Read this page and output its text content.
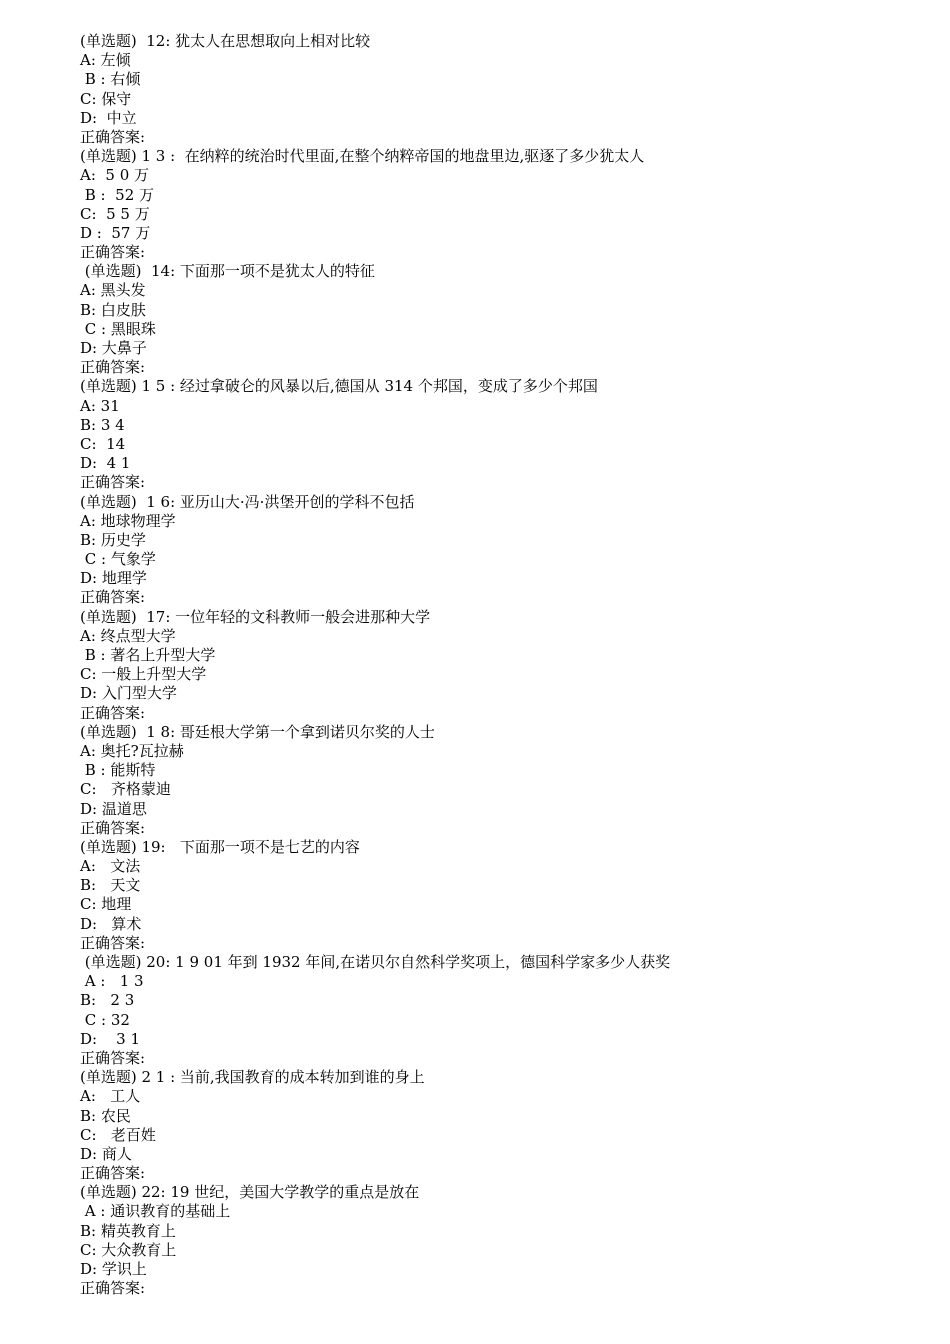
(单选题)  12: 犹太人在思想取向上相对比较
A: 左倾
B : 右倾
C: 保守
D:  中立
正确答案:
(单选题) 1 3 :  在纳粹的统治时代里面,在整个纳粹帝国的地盘里边,驱逐了多少犹太人
A:  5 0 万
B :  52 万
C:  5 5 万
D :  57 万
正确答案:
(单选题)  14: 下面那一项不是犹太人的特征
A: 黑头发
B: 白皮肤
C : 黑眼珠
D: 大鼻子
正确答案:
(单选题) 1 5 : 经过拿破仑的风暴以后,德国从 314 个邦国，变成了多少个邦国
A: 31
B: 3 4
C:  14
D:  4 1
正确答案:
(单选题)  1 6: 亚历山大·冯·洪堡开创的学科不包括
A: 地球物理学
B: 历史学
C : 气象学
D: 地理学
正确答案:
(单选题)  17: 一位年轻的文科教师一般会进那种大学
A: 终点型大学
B : 著名上升型大学
C: 一般上升型大学
D: 入门型大学
正确答案:
(单选题)  1 8: 哥廷根大学第一个拿到诺贝尔奖的人士
A: 奥托?瓦拉赫
B : 能斯特
C:   齐格蒙迪
D: 温道思
正确答案:
(单选题) 19:   下面那一项不是七艺的内容
A:   文法
B:   天文
C: 地理
D:   算术
正确答案:
(单选题) 20: 1 9 01 年到 1932 年间,在诺贝尔自然科学奖项上，德国科学家多少人获奖
A :   1 3
B:   2 3
C : 32
D:    3 1
正确答案:
(单选题) 2 1 : 当前,我国教育的成本转加到谁的身上
A:   工人
B: 农民
C:   老百姓
D: 商人
正确答案:
(单选题) 22: 19 世纪，美国大学教学的重点是放在
A : 通识教育的基础上
B: 精英教育上
C: 大众教育上
D: 学识上
正确答案:
